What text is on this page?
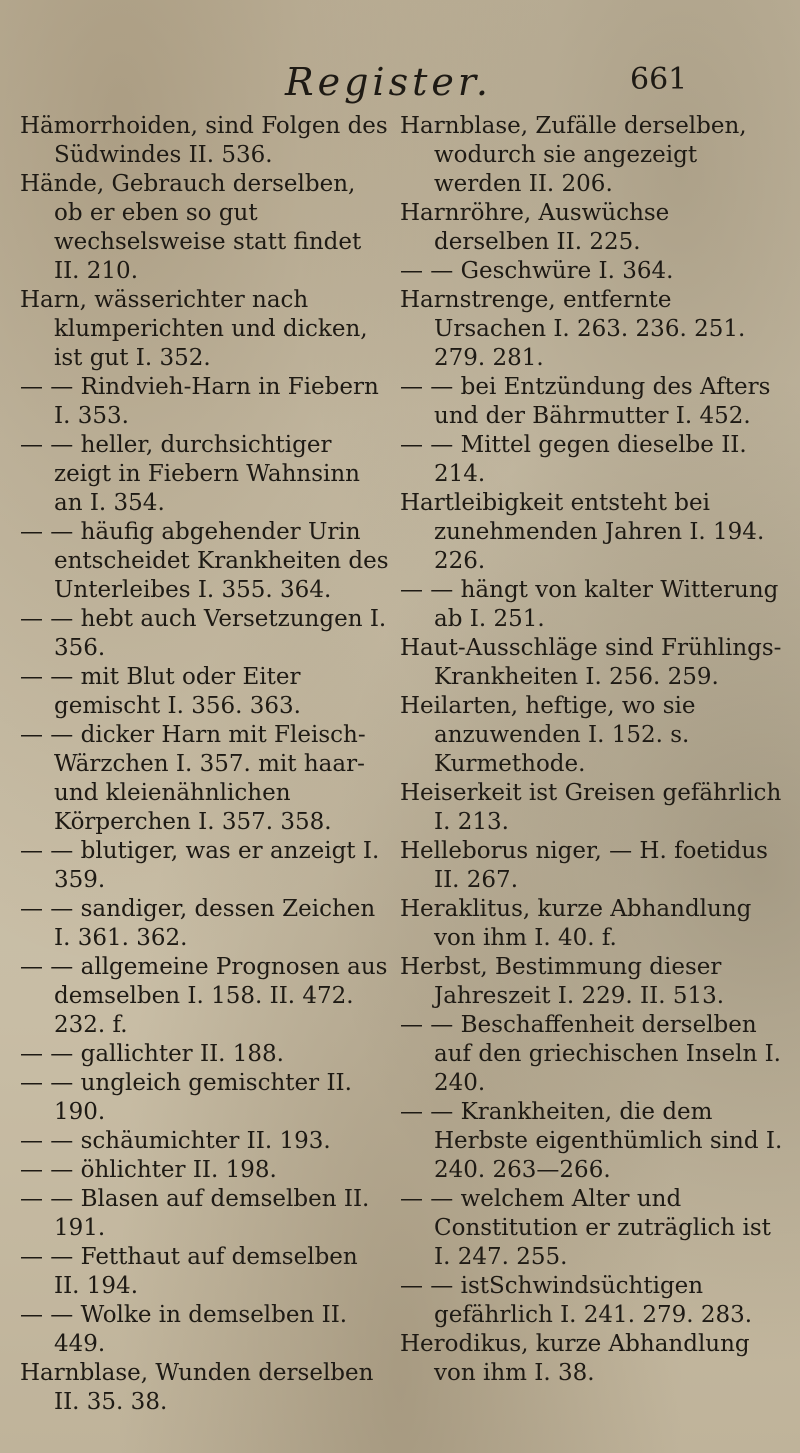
Register.	661

Hämorrhoiden, sind Folgen des Südwindes II. 536.

Hände, Gebrauch derselben, ob er eben so gut wechselsweise statt findet II. 210.

Harn, wässerichter nach klumperichten und dicken, ist gut I. 352.

— — Rindvieh-Harn in Fiebern I. 353.

— — heller, durchsichtiger zeigt in Fiebern Wahnsinn an I. 354.

— — häufig abgehender Urin entscheidet Krankheiten des Unterleibes I. 355. 364.

— — hebt auch Versetzungen I. 356.

— — mit Blut oder Eiter gemischt I. 356. 363.

— — dicker Harn mit Fleisch-Wärzchen I. 357. mit haar- und kleienähnlichen Körperchen I. 357. 358.

— — blutiger, was er anzeigt I. 359.

— — sandiger, dessen Zeichen I. 361. 362.

— — allgemeine Prognosen aus demselben I. 158. II. 472. 232. f.

— — gallichter II. 188.

— — ungleich gemischter II. 190.

— — schäumichter II. 193.

— — öhlichter II. 198.

— — Blasen auf demselben II. 191.

— — Fetthaut auf demselben II. 194.

— — Wolke in demselben II. 449.

Harnblase, Wunden derselben II. 35. 38.

Harnblase, Zufälle derselben, wodurch sie angezeigt werden II. 206.

Harnröhre, Auswüchse derselben II. 225.

— — Geschwüre I. 364.

Harnstrenge, entfernte Ursachen I. 263. 236. 251. 279. 281.

— — bei Entzündung des Afters und der Bährmutter I. 452.

— — Mittel gegen dieselbe II. 214.

Hartleibigkeit entsteht bei zunehmenden Jahren I. 194. 226.

— — hängt von kalter Witterung ab I. 251.

Haut-Ausschläge sind Frühlings-Krankheiten I. 256. 259.

Heilarten, heftige, wo sie anzuwenden I. 152. s. Kurmethode.

Heiserkeit ist Greisen gefährlich I. 213.

Helleborus niger, — H. foetidus II. 267.

Heraklitus, kurze Abhandlung von ihm I. 40. f.

Herbst, Bestimmung dieser Jahreszeit I. 229. II. 513.

— — Beschaffenheit derselben auf den griechischen Inseln I. 240.

— — Krankheiten, die dem Herbste eigenthümlich sind I. 240. 263—266.

— — welchem Alter und Constitution er zuträglich ist I. 247. 255.

— — istSchwindsüchtigen gefährlich I. 241. 279. 283.

Herodikus, kurze Abhandlung von ihm I. 38.
